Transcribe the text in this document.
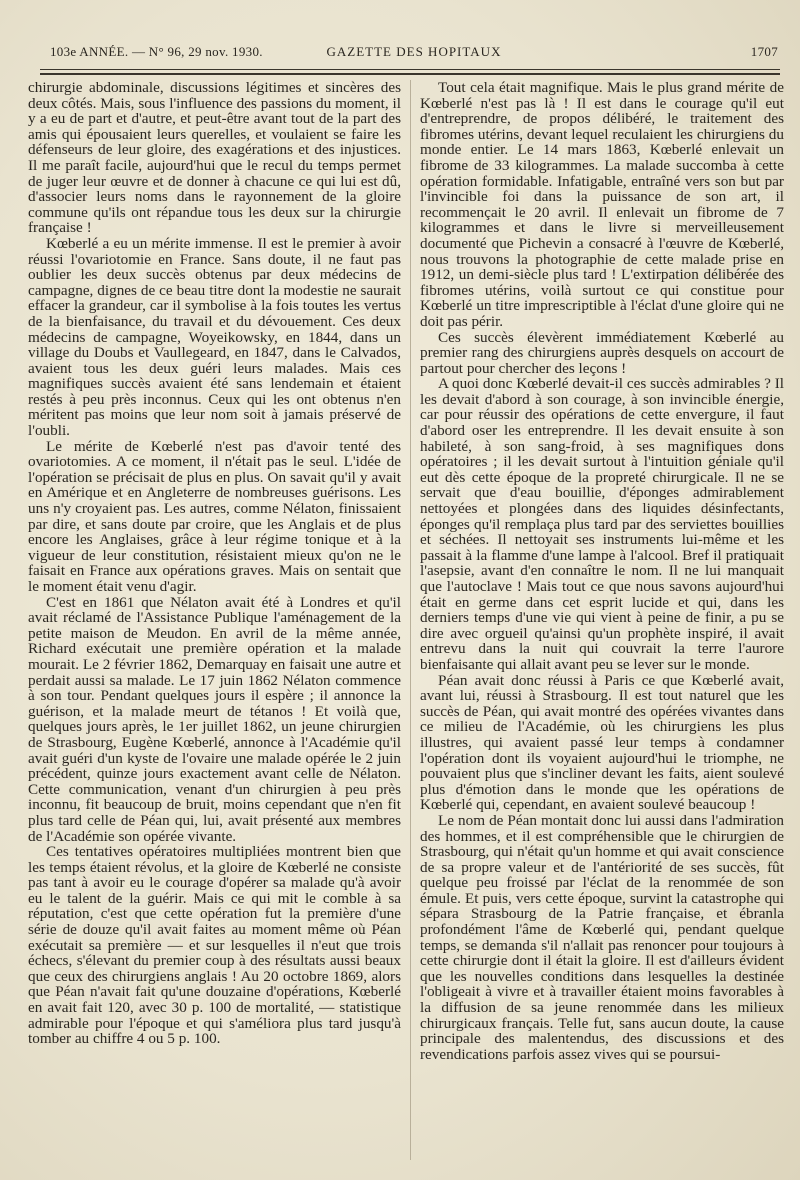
103e ANNÉE. — N° 96, 29 nov. 1930.	GAZETTE DES HOPITAUX	1707

chirurgie abdominale, discussions légitimes et sincères des deux côtés. Mais, sous l'influence des passions du moment, il y a eu de part et d'autre, et peut-être avant tout de la part des amis qui épousaient leurs querelles, et voulaient se faire les défenseurs de leur gloire, des exagérations et des injustices. Il me paraît facile, aujourd'hui que le recul du temps permet de juger leur œuvre et de donner à chacune ce qui lui est dû, d'associer leurs noms dans le rayonnement de la gloire commune qu'ils ont répandue tous les deux sur la chirurgie française !

Kœberlé a eu un mérite immense. Il est le premier à avoir réussi l'ovariotomie en France. Sans doute, il ne faut pas oublier les deux succès obtenus par deux médecins de campagne, dignes de ce beau titre dont la modestie ne saurait effacer la grandeur, car il symbolise à la fois toutes les vertus de la bienfaisance, du travail et du dévouement. Ces deux médecins de campagne, Woyeikowsky, en 1844, dans un village du Doubs et Vaullegeard, en 1847, dans le Calvados, avaient tous les deux guéri leurs malades. Mais ces magnifiques succès avaient été sans lendemain et étaient restés à peu près inconnus. Ceux qui les ont obtenus n'en méritent pas moins que leur nom soit à jamais préservé de l'oubli.

Le mérite de Kœberlé n'est pas d'avoir tenté des ovariotomies. A ce moment, il n'était pas le seul. L'idée de l'opération se précisait de plus en plus. On savait qu'il y avait en Amérique et en Angleterre de nombreuses guérisons. Les uns n'y croyaient pas. Les autres, comme Nélaton, finissaient par dire, et sans doute par croire, que les Anglais et de plus encore les Anglaises, grâce à leur régime tonique et à la vigueur de leur constitution, résistaient mieux qu'on ne le faisait en France aux opérations graves. Mais on sentait que le moment était venu d'agir.

C'est en 1861 que Nélaton avait été à Londres et qu'il avait réclamé de l'Assistance Publique l'aménagement de la petite maison de Meudon. En avril de la même année, Richard exécutait une première opération et la malade mourait. Le 2 février 1862, Demarquay en faisait une autre et perdait aussi sa malade. Le 17 juin 1862 Nélaton commence à son tour. Pendant quelques jours il espère ; il annonce la guérison, et la malade meurt de tétanos ! Et voilà que, quelques jours après, le 1er juillet 1862, un jeune chirurgien de Strasbourg, Eugène Kœberlé, annonce à l'Académie qu'il avait guéri d'un kyste de l'ovaire une malade opérée le 2 juin précédent, quinze jours exactement avant celle de Nélaton. Cette communication, venant d'un chirurgien à peu près inconnu, fit beaucoup de bruit, moins cependant que n'en fit plus tard celle de Péan qui, lui, avait présenté aux membres de l'Académie son opérée vivante.

Ces tentatives opératoires multipliées montrent bien que les temps étaient révolus, et la gloire de Kœberlé ne consiste pas tant à avoir eu le courage d'opérer sa malade qu'à avoir eu le talent de la guérir. Mais ce qui mit le comble à sa réputation, c'est que cette opération fut la première d'une série de douze qu'il avait faites au moment même où Péan exécutait sa première — et sur lesquelles il n'eut que trois échecs, s'élevant du premier coup à des résultats aussi beaux que ceux des chirurgiens anglais ! Au 20 octobre 1869, alors que Péan n'avait fait qu'une douzaine d'opérations, Kœberlé en avait fait 120, avec 30 p. 100 de mortalité, — statistique admirable pour l'époque et qui s'améliora plus tard jusqu'à tomber au chiffre 4 ou 5 p. 100.

Tout cela était magnifique. Mais le plus grand mérite de Kœberlé n'est pas là ! Il est dans le courage qu'il eut d'entreprendre, de propos délibéré, le traitement des fibromes utérins, devant lequel reculaient les chirurgiens du monde entier. Le 14 mars 1863, Kœberlé enlevait un fibrome de 33 kilogrammes. La malade succomba à cette opération formidable. Infatigable, entraîné vers son but par l'invincible foi dans la puissance de son art, il recommençait le 20 avril. Il enlevait un fibrome de 7 kilogrammes et dans le livre si merveilleusement documenté que Pichevin a consacré à l'œuvre de Kœberlé, nous trouvons la photographie de cette malade prise en 1912, un demi-siècle plus tard ! L'extirpation délibérée des fibromes utérins, voilà surtout ce qui constitue pour Kœberlé un titre imprescriptible à l'éclat d'une gloire qui ne doit pas périr.

Ces succès élevèrent immédiatement Kœberlé au premier rang des chirurgiens auprès desquels on accourt de partout pour chercher des leçons !

A quoi donc Kœberlé devait-il ces succès admirables ? Il les devait d'abord à son courage, à son invincible énergie, car pour réussir des opérations de cette envergure, il faut d'abord oser les entreprendre. Il les devait ensuite à son habileté, à son sang-froid, à ses magnifiques dons opératoires ; il les devait surtout à l'intuition géniale qu'il eut dès cette époque de la propreté chirurgicale. Il ne se servait que d'eau bouillie, d'éponges admirablement nettoyées et plongées dans des liquides désinfectants, éponges qu'il remplaça plus tard par des serviettes bouillies et séchées. Il nettoyait ses instruments lui-même et les passait à la flamme d'une lampe à l'alcool. Bref il pratiquait l'asepsie, avant d'en connaître le nom. Il ne lui manquait que l'autoclave ! Mais tout ce que nous savons aujourd'hui était en germe dans cet esprit lucide et qui, dans les derniers temps d'une vie qui vient à peine de finir, a pu se dire avec orgueil qu'ainsi qu'un prophète inspiré, il avait entrevu dans la nuit qui couvrait la terre l'aurore bienfaisante qui allait avant peu se lever sur le monde.

Péan avait donc réussi à Paris ce que Kœberlé avait, avant lui, réussi à Strasbourg. Il est tout naturel que les succès de Péan, qui avait montré des opérées vivantes dans ce milieu de l'Académie, où les chirurgiens les plus illustres, qui avaient passé leur temps à condamner l'opération dont ils voyaient aujourd'hui le triomphe, ne pouvaient plus que s'incliner devant les faits, aient soulevé plus d'émotion dans le monde que les opérations de Kœberlé qui, cependant, en avaient soulevé beaucoup !

Le nom de Péan montait donc lui aussi dans l'admiration des hommes, et il est compréhensible que le chirurgien de Strasbourg, qui n'était qu'un homme et qui avait conscience de sa propre valeur et de l'antériorité de ses succès, fût quelque peu froissé par l'éclat de la renommée de son émule. Et puis, vers cette époque, survint la catastrophe qui sépara Strasbourg de la Patrie française, et ébranla profondément l'âme de Kœberlé qui, pendant quelque temps, se demanda s'il n'allait pas renoncer pour toujours à cette chirurgie dont il était la gloire. Il est d'ailleurs évident que les nouvelles conditions dans lesquelles la destinée l'obligeait à vivre et à travailler étaient moins favorables à la diffusion de sa jeune renommée dans les milieux chirurgicaux français. Telle fut, sans aucun doute, la cause principale des malentendus, des discussions et des revendications parfois assez vives qui se poursui-
